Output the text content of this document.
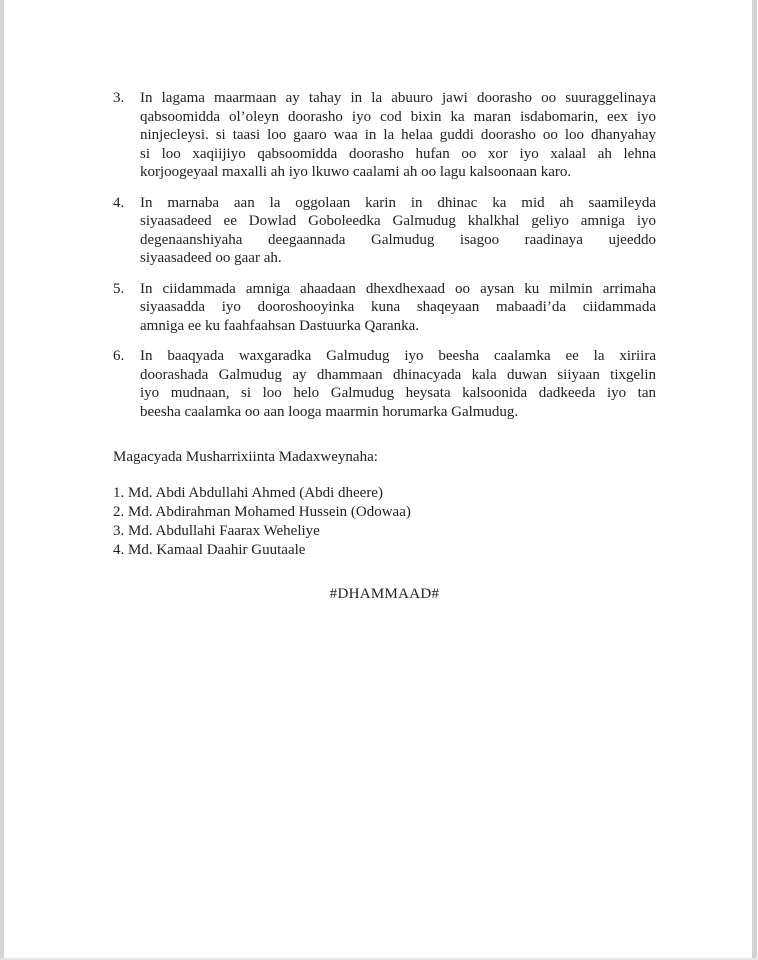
3.	In lagama maarmaan ay tahay in la abuuro jawi doorasho oo suuraggelinaya
qabsoomidda ol’oleyn doorasho iyo cod bixin ka maran isdabomarin, eex iyo
ninjecleysi. si taasi loo gaaro waa in la helaa guddi doorasho oo loo dhanyahay
si loo xaqiijiyo qabsoomidda doorasho hufan oo xor iyo xalaal ah lehna
korjoogeyaal maxalli ah iyo lkuwo caalami ah oo lagu kalsoonaan karo.
4.	In marnaba aan la oggolaan karin in dhinac ka mid ah saamileyda
siyaasadeed ee Dowlad Goboleedka Galmudug khalkhal geliyo amniga iyo
degenaanshiyaha deegaannada Galmudug isagoo raadinaya ujeeddo
siyaasadeed oo gaar ah.
5.	In ciidammada amniga ahaadaan dhexdhexaad oo aysan ku milmin arrimaha
siyaasadda iyo dooroshooyinka kuna shaqeyaan mabaadi’da ciidammada
amniga ee ku faahfaahsan Dastuurka Qaranka.
6.	In baaqyada waxgaradka Galmudug iyo beesha caalamka ee la xiriira
doorashada Galmudug ay dhammaan dhinacyada kala duwan siiyaan tixgelin
iyo mudnaan, si loo helo Galmudug heysata kalsoonida dadkeeda iyo tan
beesha caalamka oo aan looga maarmin horumarka Galmudug.
Magacyada Musharrixiinta Madaxweynaha:
1. Md. Abdi Abdullahi Ahmed (Abdi dheere)
2. Md. Abdirahman Mohamed Hussein (Odowaa)
3. Md. Abdullahi Faarax Weheliye
4. Md. Kamaal Daahir Guutaale
#DHAMMAAD#
